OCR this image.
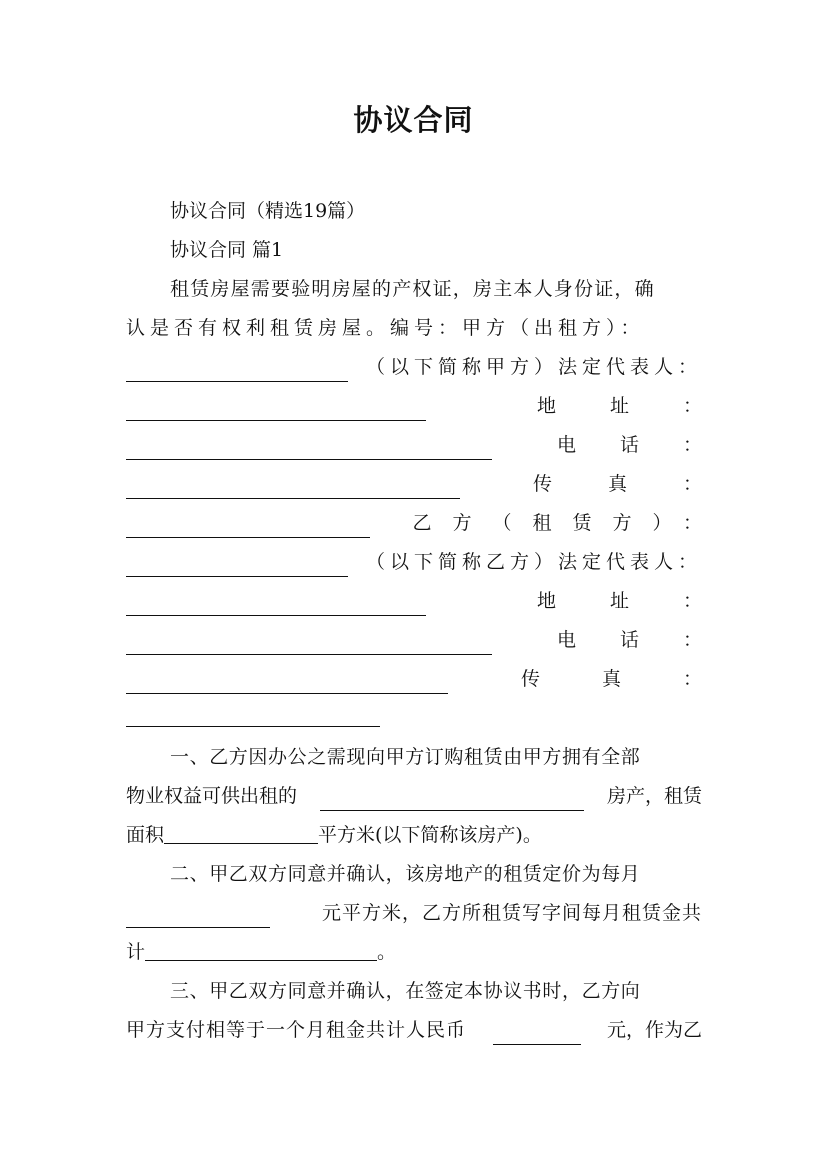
协议合同
协议合同（精选19篇）
协议合同 篇1
租赁房屋需要验明房屋的产权证，房主本人身份证，确
认是否有权利租赁房屋。编号：甲方（出租方）：
（以下简称甲方）法定代表人：
地址：
电话：
传真：
乙方（租赁方）：
（以下简称乙方）法定代表人：
地址：
电话：
传真：
一、乙方因办公之需现向甲方订购租赁由甲方拥有全部
物业权益可供出租的	房产，租赁
面积	平方米(以下简称该房产)。
二、甲乙双方同意并确认，该房地产的租赁定价为每月
元平方米，乙方所租赁写字间每月租赁金共
计	。
三、甲乙双方同意并确认，在签定本协议书时，乙方向
甲方支付相等于一个月租金共计人民币	元，作为乙
